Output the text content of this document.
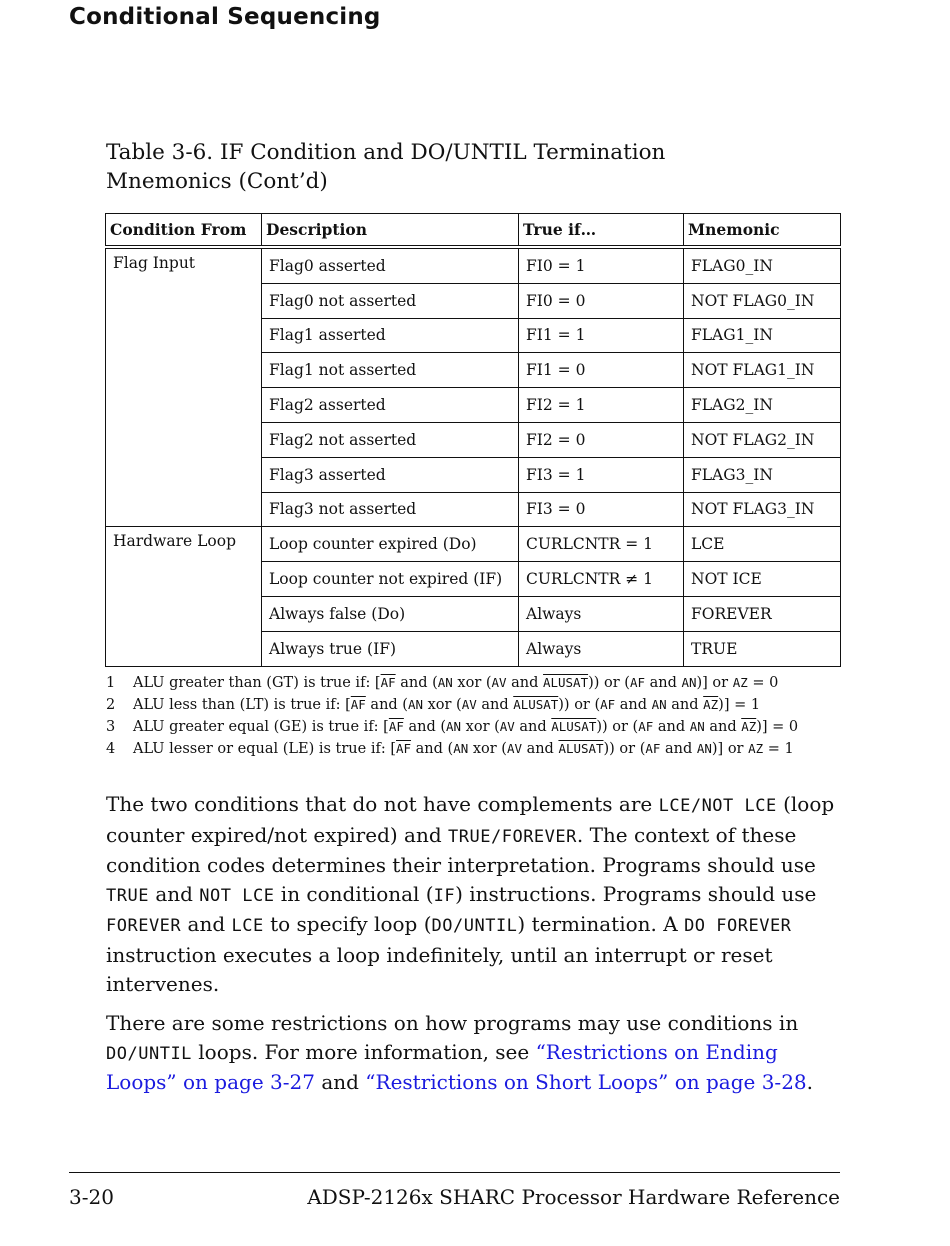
Conditional Sequencing
Table 3-6. IF Condition and DO/UNTIL Termination
Mnemonics (Cont’d)
Condition From	Description	True if…	Mnemonic
Flag Input	Flag0 asserted	FI0 = 1	FLAG0_IN
	Flag0 not asserted	FI0 = 0	NOT FLAG0_IN
	Flag1 asserted	FI1 = 1	FLAG1_IN
	Flag1 not asserted	FI1 = 0	NOT FLAG1_IN
	Flag2 asserted	FI2 = 1	FLAG2_IN
	Flag2 not asserted	FI2 = 0	NOT FLAG2_IN
	Flag3 asserted	FI3 = 1	FLAG3_IN
	Flag3 not asserted	FI3 = 0	NOT FLAG3_IN
Hardware Loop	Loop counter expired (Do)	CURLCNTR = 1	LCE
	Loop counter not expired (IF)	CURLCNTR ≠ 1	NOT ICE
	Always false (Do)	Always	FOREVER
	Always true (IF)	Always	TRUE
1 ALU greater than (GT) is true if: [$\overline{AF}$ and (AN xor (AV and ALUSAT)) or (AF and AN)] or AZ = 0
2 ALU less than (LT) is true if: [$\overline{AF}$ and (AN xor (AV and ALUSAT)) or (AF and AN and $\overline{AZ})] = 1$
3 ALU greater equal (GE) is true if: [$\overline{AF}$ and (AN xor (AV and ALUSAT)) or (AF and AN and $\overline{AZ})] = 0$
4 ALU lesser or equal (LE) is true if: [$\overline{AF}$ and (AN xor (AV and ALUSAT)) or (AF and AN)] or AZ = 1

The two conditions that do not have complements are LCE/NOT LCE (loop counter expired/not expired) and TRUE/FOREVER. The context of these condition codes determines their interpretation. Programs should use TRUE and NOT LCE in conditional (IF) instructions. Programs should use FOREVER and LCE to specify loop (DO/UNTIL) termination. A DO FOREVER instruction executes a loop indefinitely, until an interrupt or reset intervenes.

There are some restrictions on how programs may use conditions in DO/UNTIL loops. For more information, see “Restrictions on Ending Loops” on page 3-27 and “Restrictions on Short Loops” on page 3-28.

3-20	ADSP-2126x SHARC Processor Hardware Reference
